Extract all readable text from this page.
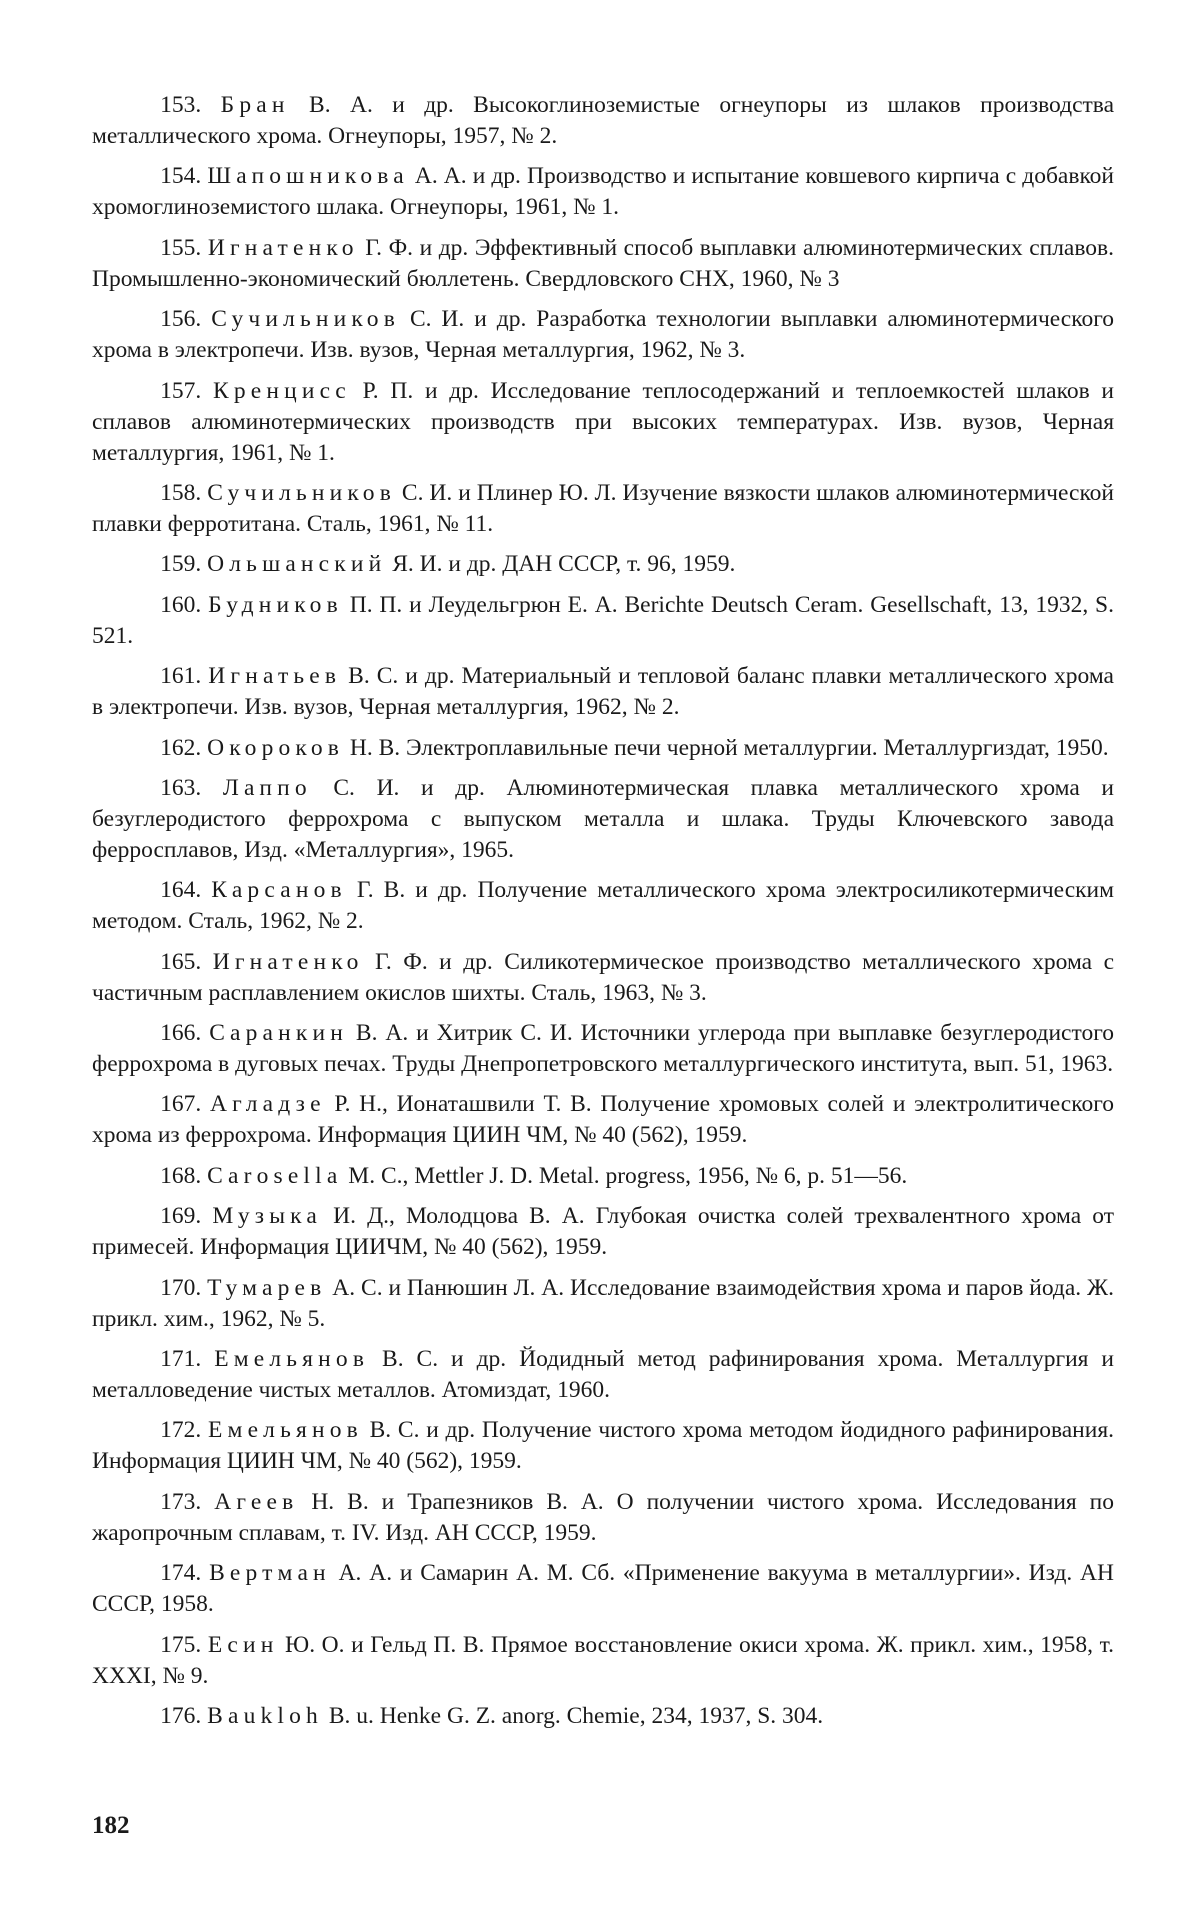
153. Бран В. А. и др. Высокоглиноземистые огнеупоры из шлаков производства металлического хрома. Огнеупоры, 1957, № 2.

154. Шапошникова А. А. и др. Производство и испытание ковшевого кирпича с добавкой хромоглиноземистого шлака. Огнеупоры, 1961, № 1.

155. Игнатенко Г. Ф. и др. Эффективный способ выплавки алюминотермических сплавов. Промышленно-экономический бюллетень. Свердловского СНХ, 1960, № 3

156. Сучильников С. И. и др. Разработка технологии выплавки алюминотермического хрома в электропечи. Изв. вузов, Черная металлургия, 1962, № 3.

157. Кренцисс Р. П. и др. Исследование теплосодержаний и теплоемкостей шлаков и сплавов алюминотермических производств при высоких температурах. Изв. вузов, Черная металлургия, 1961, № 1.

158. Сучильников С. И. и Плинер Ю. Л. Изучение вязкости шлаков алюминотермической плавки ферротитана. Сталь, 1961, № 11.

159. Ольшанский Я. И. и др. ДАН СССР, т. 96, 1959.

160. Будников П. П. и Леудельгрюн Е. А. Berichte Deutsch Ceram. Gesellschaft, 13, 1932, S. 521.

161. Игнатьев В. С. и др. Материальный и тепловой баланс плавки металлического хрома в электропечи. Изв. вузов, Черная металлургия, 1962, № 2.

162. Окороков Н. В. Электроплавильные печи черной металлургии. Металлургиздат, 1950.

163. Лаппо С. И. и др. Алюминотермическая плавка металлического хрома и безуглеродистого феррохрома с выпуском металла и шлака. Труды Ключевского завода ферросплавов, Изд. «Металлургия», 1965.

164. Карсанов Г. В. и др. Получение металлического хрома электросиликотермическим методом. Сталь, 1962, № 2.

165. Игнатенко Г. Ф. и др. Силикотермическое производство металлического хрома с частичным расплавлением окислов шихты. Сталь, 1963, № 3.

166. Саранкин В. А. и Хитрик С. И. Источники углерода при выплавке безуглеродистого феррохрома в дуговых печах. Труды Днепропетровского металлургического института, вып. 51, 1963.

167. Агладзе Р. Н., Ионаташвили Т. В. Получение хромовых солей и электролитического хрома из феррохрома. Информация ЦИИН ЧМ, № 40 (562), 1959.

168. Carosella M. C., Mettler J. D. Metal. progress, 1956, № 6, p. 51—56.

169. Музыка И. Д., Молодцова В. А. Глубокая очистка солей трехвалентного хрома от примесей. Информация ЦИИЧМ, № 40 (562), 1959.

170. Тумарев А. С. и Панюшин Л. А. Исследование взаимодействия хрома и паров йода. Ж. прикл. хим., 1962, № 5.

171. Емельянов В. С. и др. Йодидный метод рафинирования хрома. Металлургия и металловедение чистых металлов. Атомиздат, 1960.

172. Емельянов В. С. и др. Получение чистого хрома методом йодидного рафинирования. Информация ЦИИН ЧМ, № 40 (562), 1959.

173. Агеев Н. В. и Трапезников В. А. О получении чистого хрома. Исследования по жаропрочным сплавам, т. IV. Изд. АН СССР, 1959.

174. Вертман А. А. и Самарин А. М. Сб. «Применение вакуума в металлургии». Изд. АН СССР, 1958.

175. Есин Ю. О. и Гельд П. В. Прямое восстановление окиси хрома. Ж. прикл. хим., 1958, т. XXXI, № 9.

176. Baukloh B. u. Henke G. Z. anorg. Chemie, 234, 1937, S. 304.

182
